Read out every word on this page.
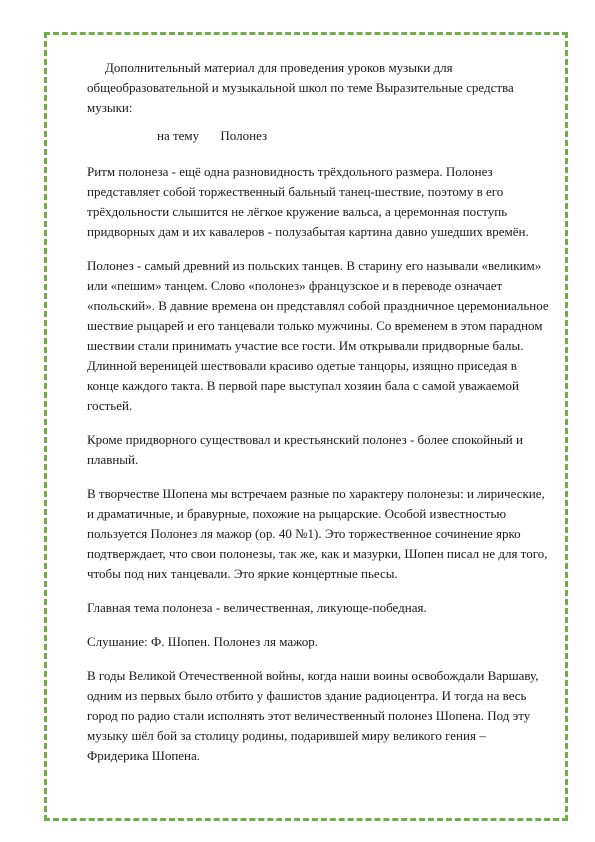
Дополнительный материал для проведения уроков музыки для общеобразовательной и музыкальной школ по теме Выразительные средства музыки:

на тему Полонез

Ритм полонеза - ещё одна разновидность трёхдольного размера. Полонез представляет собой торжественный бальный танец-шествие, поэтому в его трёхдольности слышится не лёгкое кружение вальса, а церемонная поступь придворных дам и их кавалеров - полузабытая картина давно ушедших времён.

Полонез - самый древний из польских танцев. В старину его называли «великим» или «пешим» танцем. Слово «полонез» французское и в переводе означает «польский». В давние времена он представлял собой праздничное церемониальное шествие рыцарей и его танцевали только мужчины. Со временем в этом парадном шествии стали принимать участие все гости. Им открывали придворные балы. Длинной вереницей шествовали красиво одетые танцоры, изящно приседая в конце каждого такта. В первой паре выступал хозяин бала с самой уважаемой гостьей.

Кроме придворного существовал и крестьянский полонез - более спокойный и плавный.

В творчестве Шопена мы встречаем разные по характеру полонезы: и лирические, и драматичные, и бравурные, похожие на рыцарские. Особой известностью пользуется Полонез ля мажор (ор. 40 №1). Это торжественное сочинение ярко подтверждает, что свои полонезы, так же, как и мазурки, Шопен писал не для того, чтобы под них танцевали. Это яркие концертные пьесы.

Главная тема полонеза - величественная, ликующе-победная.

Слушание: Ф. Шопен. Полонез ля мажор.

В годы Великой Отечественной войны, когда наши воины освобождали Варшаву, одним из первых было отбито у фашистов здание радиоцентра. И тогда на весь город по радио стали исполнять этот величественный полонез Шопена. Под эту музыку шёл бой за столицу родины, подарившей миру великого гения – Фридерика Шопена.
